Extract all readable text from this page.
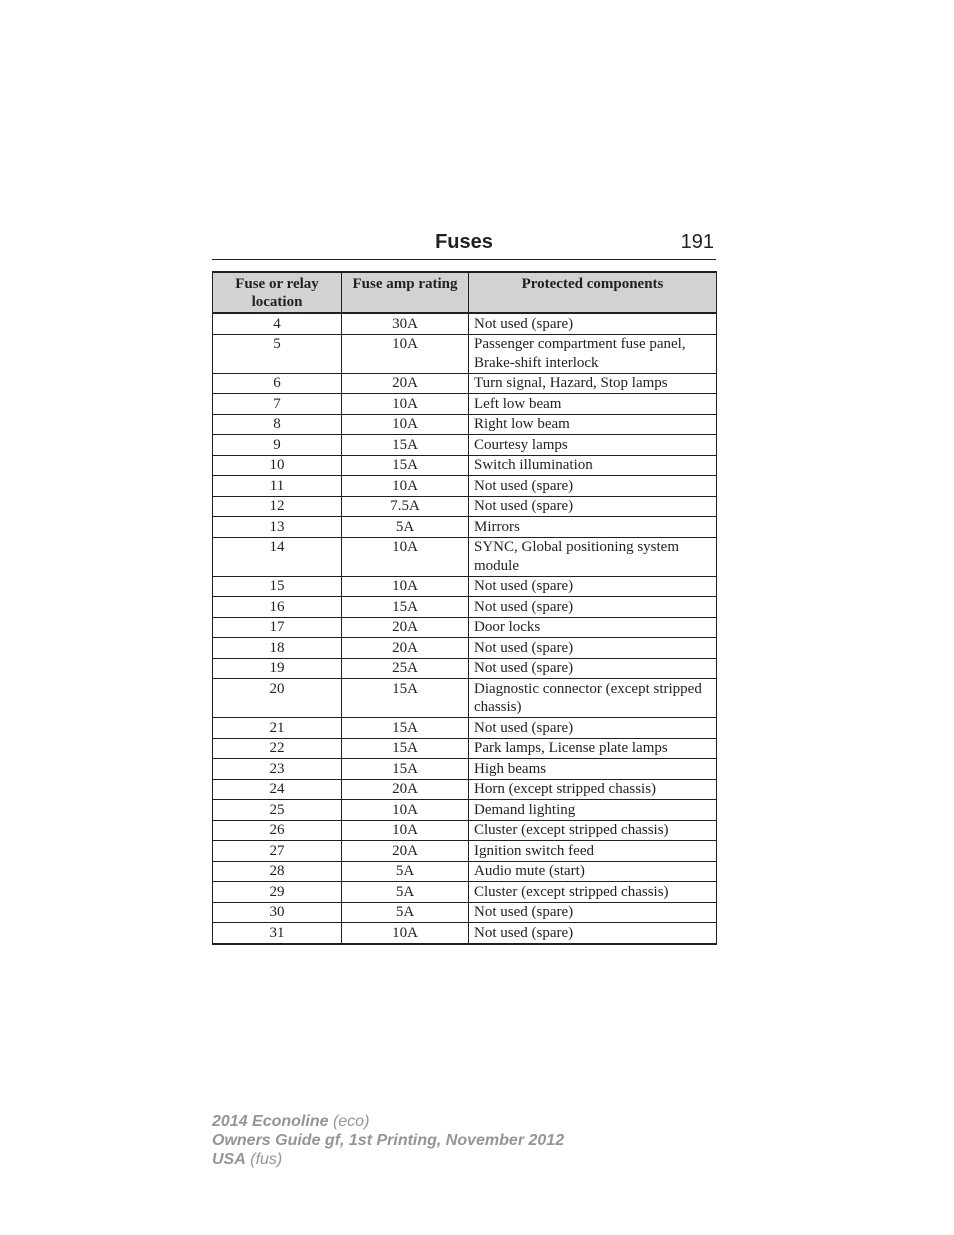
Fuses	191
Fuse or relay location	Fuse amp rating	Protected components
4	30A	Not used (spare)
5	10A	Passenger compartment fuse panel, Brake-shift interlock
6	20A	Turn signal, Hazard, Stop lamps
7	10A	Left low beam
8	10A	Right low beam
9	15A	Courtesy lamps
10	15A	Switch illumination
11	10A	Not used (spare)
12	7.5A	Not used (spare)
13	5A	Mirrors
14	10A	SYNC, Global positioning system module
15	10A	Not used (spare)
16	15A	Not used (spare)
17	20A	Door locks
18	20A	Not used (spare)
19	25A	Not used (spare)
20	15A	Diagnostic connector (except stripped chassis)
21	15A	Not used (spare)
22	15A	Park lamps, License plate lamps
23	15A	High beams
24	20A	Horn (except stripped chassis)
25	10A	Demand lighting
26	10A	Cluster (except stripped chassis)
27	20A	Ignition switch feed
28	5A	Audio mute (start)
29	5A	Cluster (except stripped chassis)
30	5A	Not used (spare)
31	10A	Not used (spare)
2014 Econoline (eco)
Owners Guide gf, 1st Printing, November 2012
USA (fus)
